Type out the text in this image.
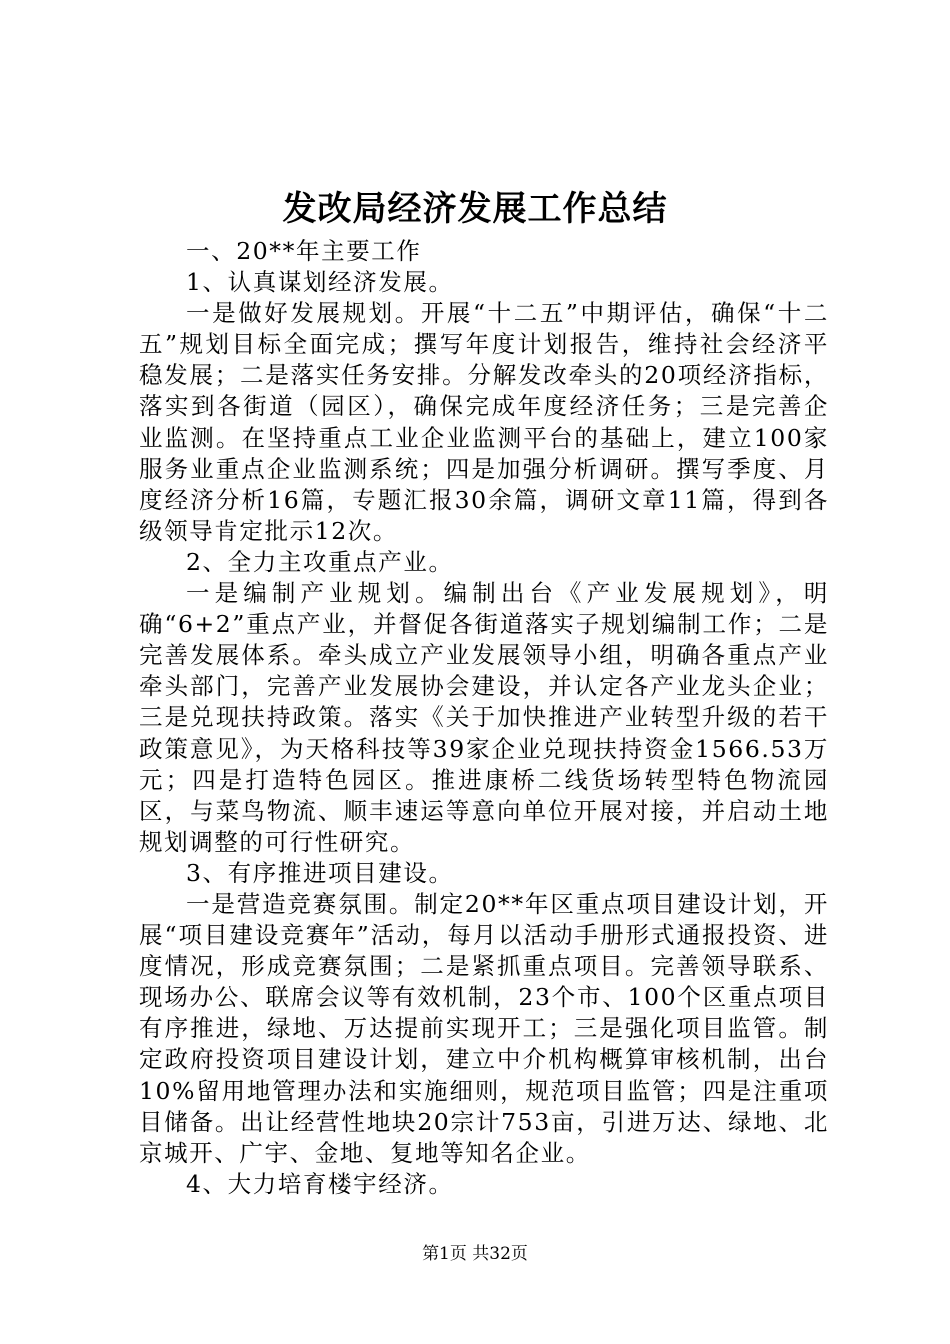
发改局经济发展工作总结

一、20**年主要工作

1、认真谋划经济发展。

一是做好发展规划。开展“十二五”中期评估，确保“十二五”规划目标全面完成；撰写年度计划报告，维持社会经济平稳发展；二是落实任务安排。分解发改牵头的20项经济指标，落实到各街道（园区），确保完成年度经济任务；三是完善企业监测。在坚持重点工业企业监测平台的基础上，建立100家服务业重点企业监测系统；四是加强分析调研。撰写季度、月度经济分析16篇，专题汇报30余篇，调研文章11篇，得到各级领导肯定批示12次。

2、全力主攻重点产业。

一是编制产业规划。编制出台《产业发展规划》，明确“6+2”重点产业，并督促各街道落实子规划编制工作；二是完善发展体系。牵头成立产业发展领导小组，明确各重点产业牵头部门，完善产业发展协会建设，并认定各产业龙头企业；三是兑现扶持政策。落实《关于加快推进产业转型升级的若干政策意见》，为天格科技等39家企业兑现扶持资金1566.53万元；四是打造特色园区。推进康桥二线货场转型特色物流园区，与菜鸟物流、顺丰速运等意向单位开展对接，并启动土地规划调整的可行性研究。

3、有序推进项目建设。

一是营造竞赛氛围。制定20**年区重点项目建设计划，开展“项目建设竞赛年”活动，每月以活动手册形式通报投资、进度情况，形成竞赛氛围；二是紧抓重点项目。完善领导联系、现场办公、联席会议等有效机制，23个市、100个区重点项目有序推进，绿地、万达提前实现开工；三是强化项目监管。制定政府投资项目建设计划，建立中介机构概算审核机制，出台10%留用地管理办法和实施细则，规范项目监管；四是注重项目储备。出让经营性地块20宗计753亩，引进万达、绿地、北京城开、广宇、金地、复地等知名企业。

4、大力培育楼宇经济。

第1页 共32页
